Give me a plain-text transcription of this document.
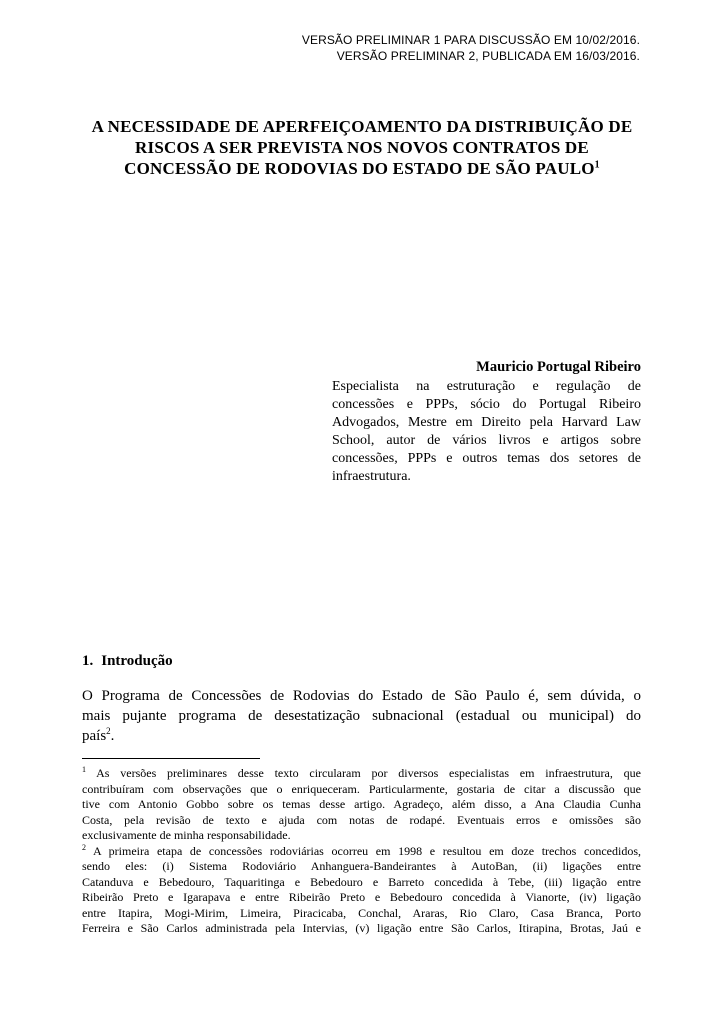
VERSÃO PRELIMINAR 1 PARA DISCUSSÃO EM 10/02/2016.
VERSÃO PRELIMINAR 2, PUBLICADA EM 16/03/2016.
A NECESSIDADE DE APERFEIÇOAMENTO DA DISTRIBUIÇÃO DE
RISCOS A SER PREVISTA NOS NOVOS CONTRATOS DE
CONCESSÃO DE RODOVIAS DO ESTADO DE SÃO PAULO$^1$
Mauricio Portugal Ribeiro
Especialista na estruturação e regulação de
concessões e PPPs, sócio do Portugal Ribeiro
Advogados, Mestre em Direito pela Harvard Law
School, autor de vários livros e artigos sobre
concessões, PPPs e outros temas dos setores de
infraestrutura.
1. Introdução
O Programa de Concessões de Rodovias do Estado de São Paulo é, sem dúvida, o
mais pujante programa de desestatização subnacional (estadual ou municipal) do
país$^2$.
$^1$ As versões preliminares desse texto circularam por diversos especialistas em infraestrutura, que
contribuíram com observações que o enriqueceram. Particularmente, gostaria de citar a discussão que
tive com Antonio Gobbo sobre os temas desse artigo. Agradeço, além disso, a Ana Claudia Cunha
Costa, pela revisão de texto e ajuda com notas de rodapé. Eventuais erros e omissões são
exclusivamente de minha responsabilidade.
$^2$ A primeira etapa de concessões rodoviárias ocorreu em 1998 e resultou em doze trechos concedidos,
sendo eles: (i) Sistema Rodoviário Anhanguera-Bandeirantes à AutoBan, (ii) ligações entre
Catanduva e Bebedouro, Taquaritinga e Bebedouro e Barreto concedida à Tebe, (iii) ligação entre
Ribeirão Preto e Igarapava e entre Ribeirão Preto e Bebedouro concedida à Vianorte, (iv) ligação
entre Itapira, Mogi-Mirim, Limeira, Piracicaba, Conchal, Araras, Rio Claro, Casa Branca, Porto
Ferreira e São Carlos administrada pela Intervias, (v) ligação entre São Carlos, Itirapina, Brotas, Jaú e
